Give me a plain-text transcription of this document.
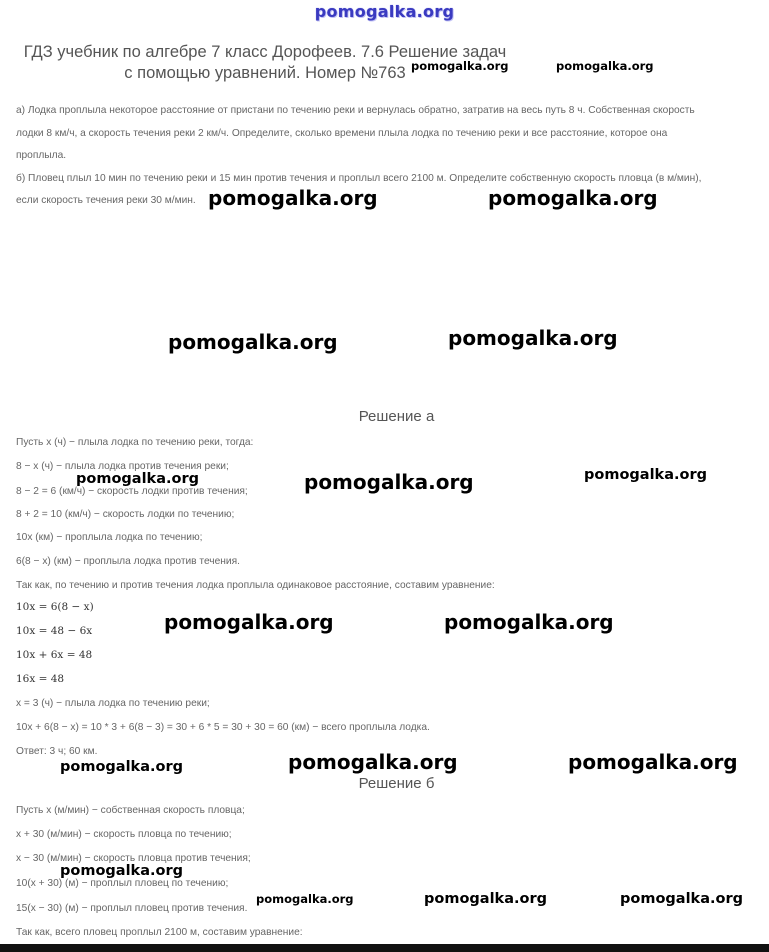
pomogalka.org
ГДЗ учебник по алгебре 7 класс Дорофеев. 7.6 Решение задач
с помощью уравнений. Номер №763
а) Лодка проплыла некоторое расстояние от пристани по течению реки и вернулась обратно, затратив на весь путь 8 ч. Собственная скорость
лодки 8 км/ч, а скорость течения реки 2 км/ч. Определите, сколько времени плыла лодка по течению реки и все расстояние, которое она
проплыла.
б) Пловец плыл 10 мин по течению реки и 15 мин против течения и проплыл всего 2100 м. Определите собственную скорость пловца (в м/мин),
если скорость течения реки 30 м/мин.
Решение а
Пусть x (ч) − плыла лодка по течению реки, тогда:
8 − x (ч) − плыла лодка против течения реки;
8 − 2 = 6 (км/ч) − скорость лодки против течения;
8 + 2 = 10 (км/ч) − скорость лодки по течению;
10x (км) − проплыла лодка по течению;
6(8 − x) (км) − проплыла лодка против течения.
Так как, по течению и против течения лодка проплыла одинаковое расстояние, составим уравнение:
10x = 6(8 − x)
10x = 48 − 6x
10x + 6x = 48
16x = 48
x = 3 (ч) − плыла лодка по течению реки;
10x + 6(8 − x) = 10 * 3 + 6(8 − 3) = 30 + 6 * 5 = 30 + 30 = 60 (км) − всего проплыла лодка.
Ответ: 3 ч; 60 км.
Решение б
Пусть x (м/мин) − собственная скорость пловца;
x + 30 (м/мин) − скорость пловца по течению;
x − 30 (м/мин) − скорость пловца против течения;
10(x + 30) (м) − проплыл пловец по течению;
15(x − 30) (м) − проплыл пловец против течения.
Так как, всего пловец проплыл 2100 м, составим уравнение:
pomogalka.org	pomogalka.org
pomogalka.org	pomogalka.org
pomogalka.org	pomogalka.org
pomogalka.org	pomogalka.org	pomogalka.org
pomogalka.org	pomogalka.org
pomogalka.org	pomogalka.org	pomogalka.org
pomogalka.org
pomogalka.org	pomogalka.org	pomogalka.org
